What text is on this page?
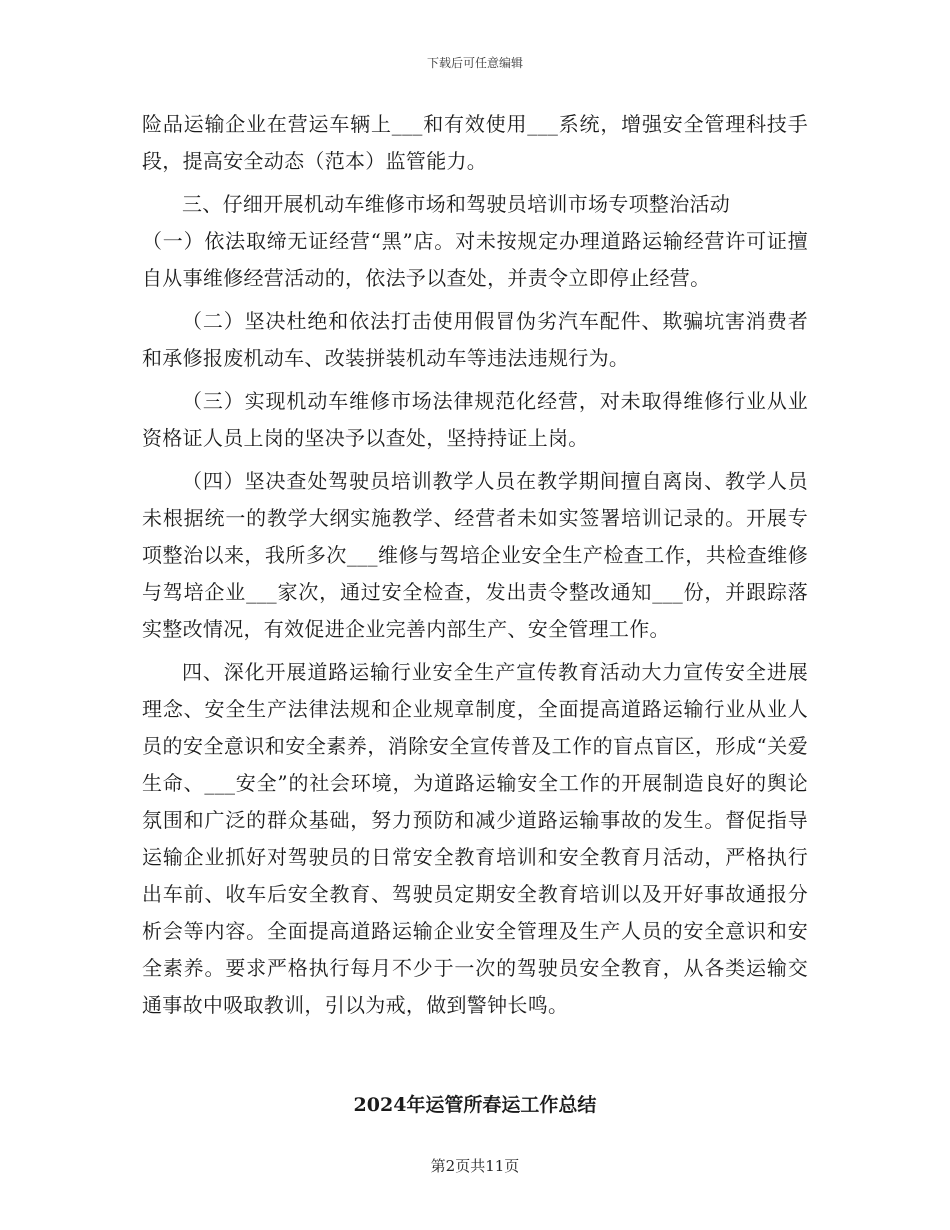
下载后可任意编辑

险品运输企业在营运车辆上___和有效使用___系统，增强安全管理科技手段，提高安全动态（范本）监管能力。

三、仔细开展机动车维修市场和驾驶员培训市场专项整治活动

（一）依法取缔无证经营“黑”店。对未按规定办理道路运输经营许可证擅自从事维修经营活动的，依法予以查处，并责令立即停止经营。

（二）坚决杜绝和依法打击使用假冒伪劣汽车配件、欺骗坑害消费者和承修报废机动车、改装拼装机动车等违法违规行为。

（三）实现机动车维修市场法律规范化经营，对未取得维修行业从业资格证人员上岗的坚决予以查处，坚持持证上岗。

（四）坚决查处驾驶员培训教学人员在教学期间擅自离岗、教学人员未根据统一的教学大纲实施教学、经营者未如实签署培训记录的。开展专项整治以来，我所多次___维修与驾培企业安全生产检查工作，共检查维修与驾培企业___家次，通过安全检查，发出责令整改通知___份，并跟踪落实整改情况，有效促进企业完善内部生产、安全管理工作。

四、深化开展道路运输行业安全生产宣传教育活动大力宣传安全进展理念、安全生产法律法规和企业规章制度，全面提高道路运输行业从业人员的安全意识和安全素养，消除安全宣传普及工作的盲点盲区，形成“关爱生命、___安全”的社会环境，为道路运输安全工作的开展制造良好的舆论氛围和广泛的群众基础，努力预防和减少道路运输事故的发生。督促指导运输企业抓好对驾驶员的日常安全教育培训和安全教育月活动，严格执行出车前、收车后安全教育、驾驶员定期安全教育培训以及开好事故通报分析会等内容。全面提高道路运输企业安全管理及生产人员的安全意识和安全素养。要求严格执行每月不少于一次的驾驶员安全教育，从各类运输交通事故中吸取教训，引以为戒，做到警钟长鸣。

2024年运管所春运工作总结
第2页共11页
